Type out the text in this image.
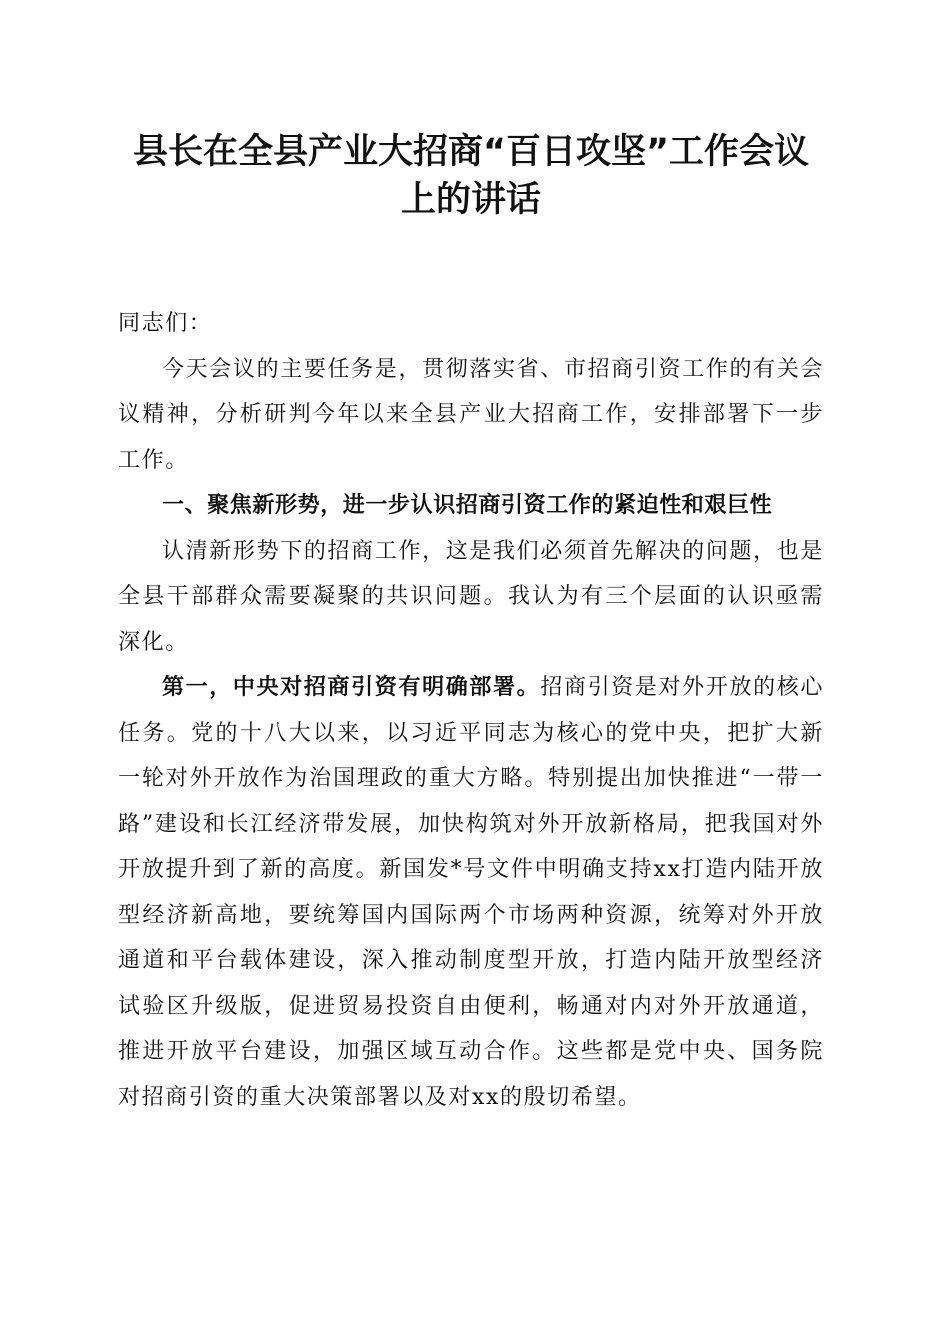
县长在全县产业大招商“百日攻坚”工作会议
上的讲话

同志们：

今天会议的主要任务是，贯彻落实省、市招商引资工作的有关会议精神，分析研判今年以来全县产业大招商工作，安排部署下一步工作。

一、聚焦新形势，进一步认识招商引资工作的紧迫性和艰巨性

认清新形势下的招商工作，这是我们必须首先解决的问题，也是全县干部群众需要凝聚的共识问题。我认为有三个层面的认识亟需深化。

第一，中央对招商引资有明确部署。招商引资是对外开放的核心任务。党的十八大以来，以习近平同志为核心的党中央，把扩大新一轮对外开放作为治国理政的重大方略。特别提出加快推进“一带一路”建设和长江经济带发展，加快构筑对外开放新格局，把我国对外开放提升到了新的高度。新国发*号文件中明确支持xx打造内陆开放型经济新高地，要统筹国内国际两个市场两种资源，统筹对外开放通道和平台载体建设，深入推动制度型开放，打造内陆开放型经济试验区升级版，促进贸易投资自由便利，畅通对内对外开放通道，推进开放平台建设，加强区域互动合作。这些都是党中央、国务院对招商引资的重大决策部署以及对xx的殷切希望。
